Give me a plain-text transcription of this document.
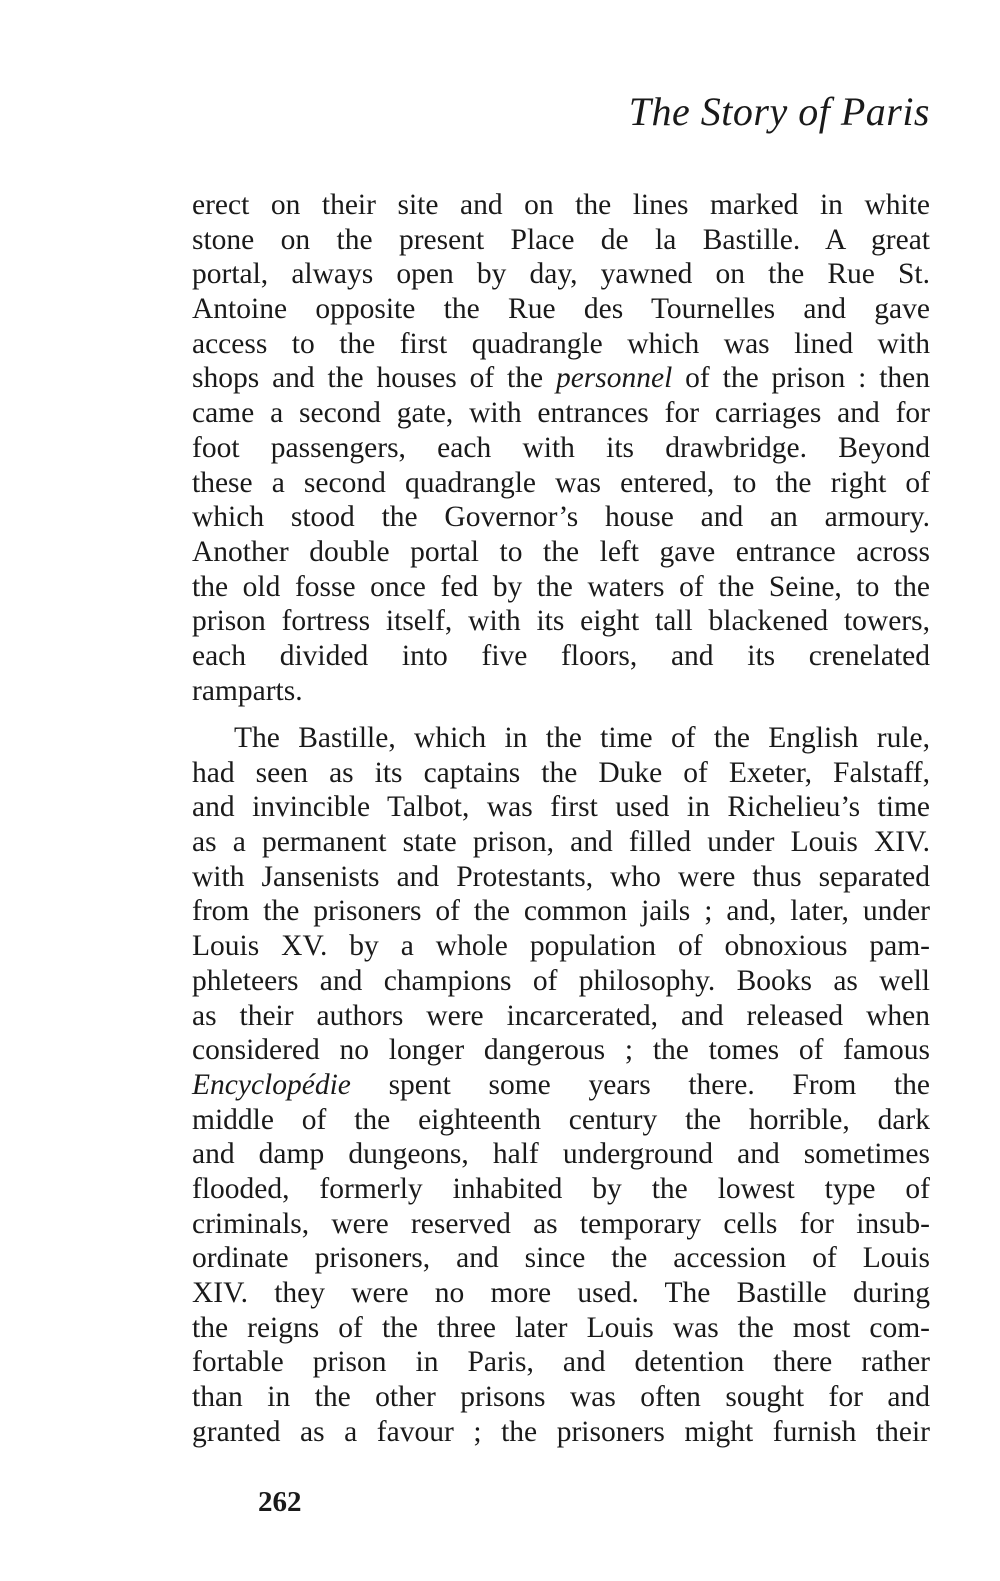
The Story of Paris
erect on their site and on the lines marked in white
stone on the present Place de la Bastille. A great
portal, always open by day, yawned on the Rue St.
Antoine opposite the Rue des Tournelles and gave
access to the first quadrangle which was lined with
shops and the houses of the personnel of the prison : then
came a second gate, with entrances for carriages and for
foot passengers, each with its drawbridge. Beyond
these a second quadrangle was entered, to the right of
which stood the Governor’s house and an armoury.
Another double portal to the left gave entrance across
the old fosse once fed by the waters of the Seine, to the
prison fortress itself, with its eight tall blackened towers,
each divided into five floors, and its crenelated
ramparts.
The Bastille, which in the time of the English rule,
had seen as its captains the Duke of Exeter, Falstaff,
and invincible Talbot, was first used in Richelieu’s time
as a permanent state prison, and filled under Louis XIV.
with Jansenists and Protestants, who were thus separated
from the prisoners of the common jails ; and, later, under
Louis XV. by a whole population of obnoxious pam-
phleteers and champions of philosophy. Books as well
as their authors were incarcerated, and released when
considered no longer dangerous ; the tomes of famous
Encyclopédie spent some years there. From the
middle of the eighteenth century the horrible, dark
and damp dungeons, half underground and sometimes
flooded, formerly inhabited by the lowest type of
criminals, were reserved as temporary cells for insub-
ordinate prisoners, and since the accession of Louis
XIV. they were no more used. The Bastille during
the reigns of the three later Louis was the most com-
fortable prison in Paris, and detention there rather
than in the other prisons was often sought for and
granted as a favour ; the prisoners might furnish their
262
